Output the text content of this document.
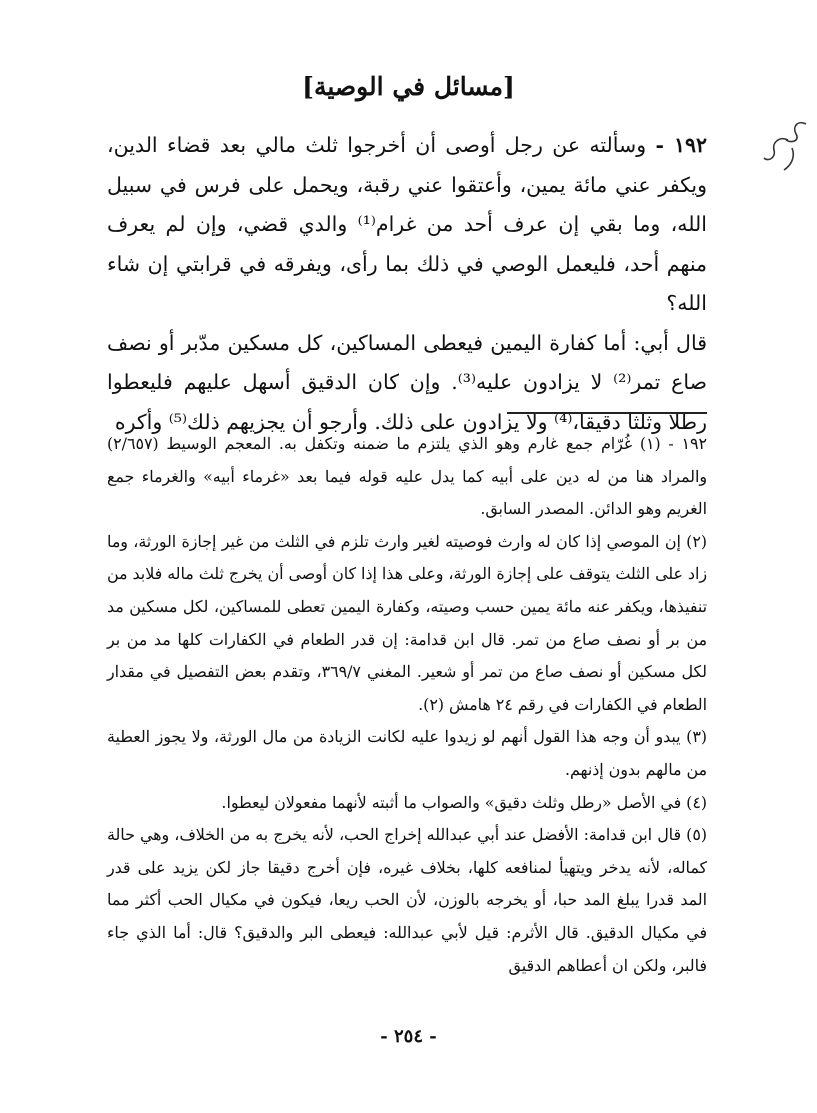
[مسائل في الوصية]

١٩٢ - وسألته عن رجل أوصى أن أخرجوا ثلث مالي بعد قضاء الدين، ويكفر عني مائة يمين، وأعتقوا عني رقبة، ويحمل على فرس في سبيل الله، وما بقي إن عرف أحد من غرام⁽¹⁾ والدي قضي، وإن لم يعرف منهم أحد، فليعمل الوصي في ذلك بما رأى، ويفرقه في قرابتي إن شاء الله؟

قال أبي: أما كفارة اليمين فيعطى المساكين، كل مسكين مدّبر أو نصف صاع تمر⁽²⁾ لا يزادون عليه⁽³⁾. وإن كان الدقيق أسهل عليهم فليعطوا رطلا وثلثا دقيقا،⁽⁴⁾ ولا يزادون على ذلك. وأرجو أن يجزيهم ذلك⁽⁵⁾ وأكره

١٩٢ - (١) غُرّام جمع غارم وهو الذي يلتزم ما ضمنه وتكفل به. المعجم الوسيط (٢/٦٥٧) والمراد هنا من له دين على أبيه كما يدل عليه قوله فيما بعد «غرماء أبيه» والغرماء جمع الغريم وهو الدائن. المصدر السابق.

(٢) إن الموصي إذا كان له وارث فوصيته لغير وارث تلزم في الثلث من غير إجازة الورثة، وما زاد على الثلث يتوقف على إجازة الورثة، وعلى هذا إذا كان أوصى أن يخرج ثلث ماله فلابد من تنفيذها، ويكفر عنه مائة يمين حسب وصيته، وكفارة اليمين تعطى للمساكين، لكل مسكين مد من بر أو نصف صاع من تمر. قال ابن قدامة: إن قدر الطعام في الكفارات كلها مد من بر لكل مسكين أو نصف صاع من تمر أو شعير. المغني ٣٦٩/٧، وتقدم بعض التفصيل في مقدار الطعام في الكفارات في رقم ٢٤ هامش (٢).

(٣) يبدو أن وجه هذا القول أنهم لو زيدوا عليه لكانت الزيادة من مال الورثة، ولا يجوز العطية من مالهم بدون إذنهم.

(٤) في الأصل «رطل وثلث دقيق» والصواب ما أثبته لأنهما مفعولان ليعطوا.

(٥) قال ابن قدامة: الأفضل عند أبي عبدالله إخراج الحب، لأنه يخرج به من الخلاف، وهي حالة كماله، لأنه يدخر ويتهيأ لمنافعه كلها، بخلاف غيره، فإن أخرج دقيقا جاز لكن يزيد على قدر المد قدرا يبلغ المد حبا، أو يخرجه بالوزن، لأن الحب ريعا، فيكون في مكيال الحب أكثر مما في مكيال الدقيق. قال الأثرم: قيل لأبي عبدالله: فيعطى البر والدقيق؟ قال: أما الذي جاء فالبر، ولكن ان أعطاهم الدقيق

- ٢٥٤ -
